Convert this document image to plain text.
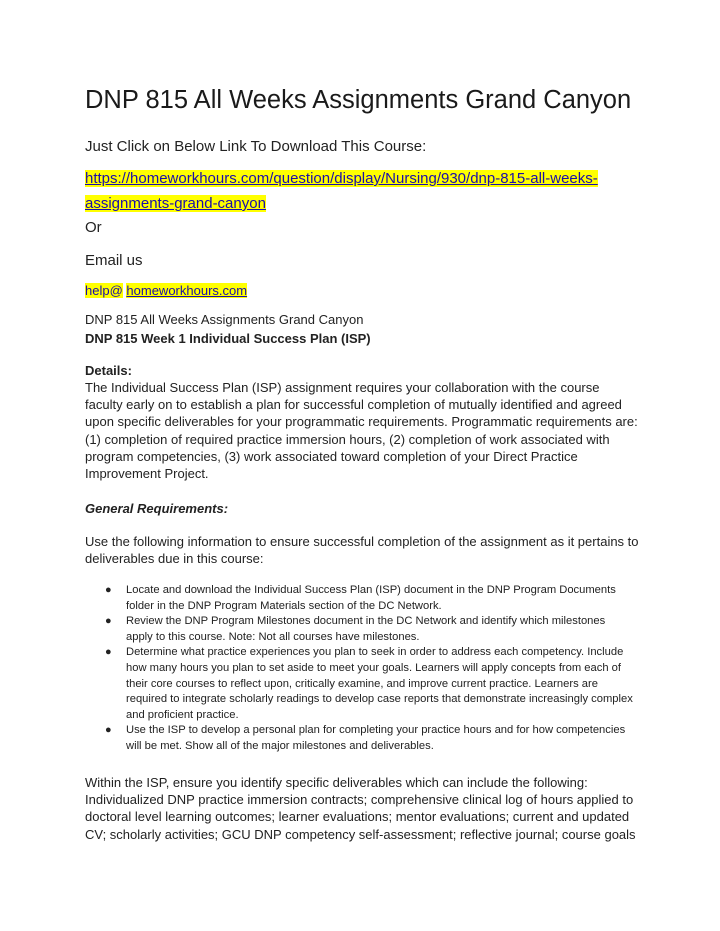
DNP 815 All Weeks Assignments Grand Canyon
Just Click on Below Link To Download This Course:
https://homeworkhours.com/question/display/Nursing/930/dnp-815-all-weeks-
assignments-grand-canyon
Or
Email us
help@ homeworkhours.com
DNP 815 All Weeks Assignments Grand Canyon
DNP 815 Week 1 Individual Success Plan (ISP)
Details:
The Individual Success Plan (ISP) assignment requires your collaboration with the course faculty early on to establish a plan for successful completion of mutually identified and agreed upon specific deliverables for your programmatic requirements. Programmatic requirements are: (1) completion of required practice immersion hours, (2) completion of work associated with program competencies, (3) work associated toward completion of your Direct Practice Improvement Project.
General Requirements:
Use the following information to ensure successful completion of the assignment as it pertains to deliverables due in this course:
● Locate and download the Individual Success Plan (ISP) document in the DNP Program Documents folder in the DNP Program Materials section of the DC Network.
● Review the DNP Program Milestones document in the DC Network and identify which milestones apply to this course. Note: Not all courses have milestones.
● Determine what practice experiences you plan to seek in order to address each competency. Include how many hours you plan to set aside to meet your goals. Learners will apply concepts from each of their core courses to reflect upon, critically examine, and improve current practice. Learners are required to integrate scholarly readings to develop case reports that demonstrate increasingly complex and proficient practice.
● Use the ISP to develop a personal plan for completing your practice hours and for how competencies will be met. Show all of the major milestones and deliverables.
Within the ISP, ensure you identify specific deliverables which can include the following: Individualized DNP practice immersion contracts; comprehensive clinical log of hours applied to doctoral level learning outcomes; learner evaluations; mentor evaluations; current and updated CV; scholarly activities; GCU DNP competency self-assessment; reflective journal; course goals
